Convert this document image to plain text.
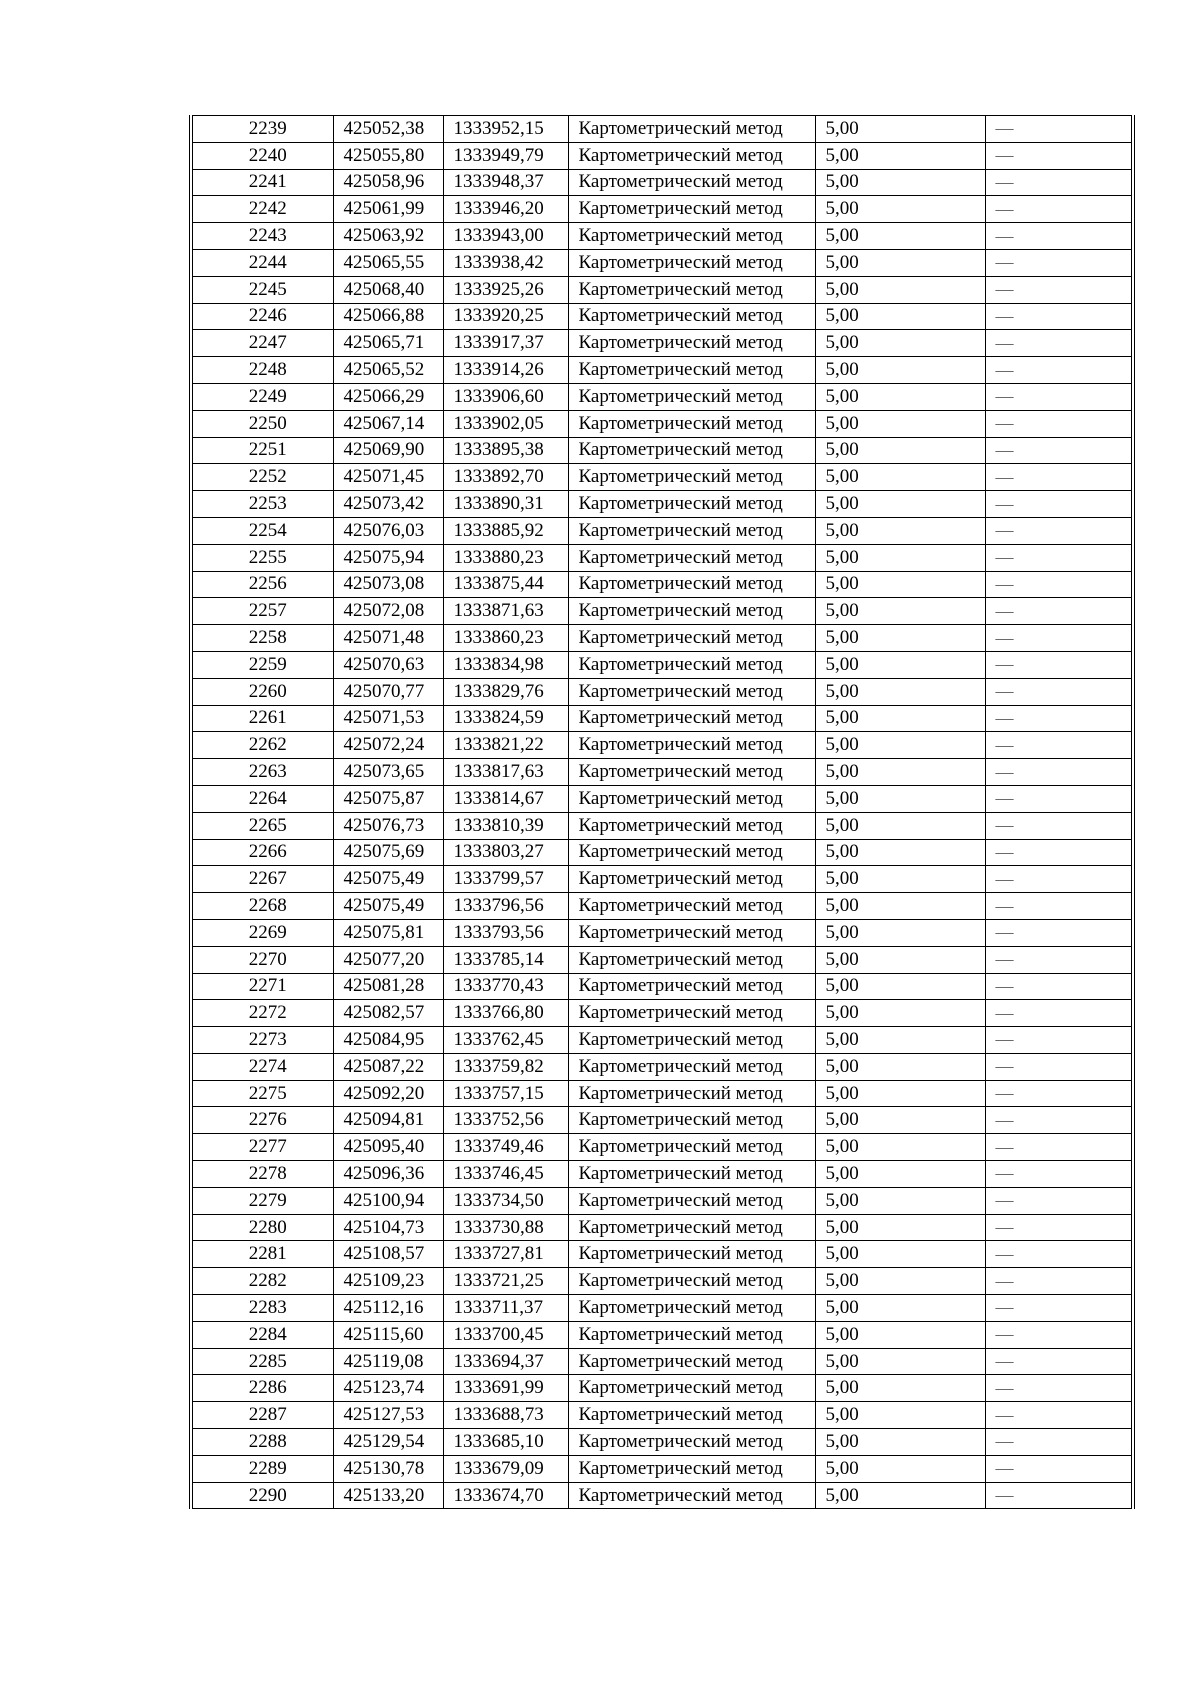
2239	425052,38	1333952,15	Картометрический метод	5,00	—
2240	425055,80	1333949,79	Картометрический метод	5,00	—
2241	425058,96	1333948,37	Картометрический метод	5,00	—
2242	425061,99	1333946,20	Картометрический метод	5,00	—
2243	425063,92	1333943,00	Картометрический метод	5,00	—
2244	425065,55	1333938,42	Картометрический метод	5,00	—
2245	425068,40	1333925,26	Картометрический метод	5,00	—
2246	425066,88	1333920,25	Картометрический метод	5,00	—
2247	425065,71	1333917,37	Картометрический метод	5,00	—
2248	425065,52	1333914,26	Картометрический метод	5,00	—
2249	425066,29	1333906,60	Картометрический метод	5,00	—
2250	425067,14	1333902,05	Картометрический метод	5,00	—
2251	425069,90	1333895,38	Картометрический метод	5,00	—
2252	425071,45	1333892,70	Картометрический метод	5,00	—
2253	425073,42	1333890,31	Картометрический метод	5,00	—
2254	425076,03	1333885,92	Картометрический метод	5,00	—
2255	425075,94	1333880,23	Картометрический метод	5,00	—
2256	425073,08	1333875,44	Картометрический метод	5,00	—
2257	425072,08	1333871,63	Картометрический метод	5,00	—
2258	425071,48	1333860,23	Картометрический метод	5,00	—
2259	425070,63	1333834,98	Картометрический метод	5,00	—
2260	425070,77	1333829,76	Картометрический метод	5,00	—
2261	425071,53	1333824,59	Картометрический метод	5,00	—
2262	425072,24	1333821,22	Картометрический метод	5,00	—
2263	425073,65	1333817,63	Картометрический метод	5,00	—
2264	425075,87	1333814,67	Картометрический метод	5,00	—
2265	425076,73	1333810,39	Картометрический метод	5,00	—
2266	425075,69	1333803,27	Картометрический метод	5,00	—
2267	425075,49	1333799,57	Картометрический метод	5,00	—
2268	425075,49	1333796,56	Картометрический метод	5,00	—
2269	425075,81	1333793,56	Картометрический метод	5,00	—
2270	425077,20	1333785,14	Картометрический метод	5,00	—
2271	425081,28	1333770,43	Картометрический метод	5,00	—
2272	425082,57	1333766,80	Картометрический метод	5,00	—
2273	425084,95	1333762,45	Картометрический метод	5,00	—
2274	425087,22	1333759,82	Картометрический метод	5,00	—
2275	425092,20	1333757,15	Картометрический метод	5,00	—
2276	425094,81	1333752,56	Картометрический метод	5,00	—
2277	425095,40	1333749,46	Картометрический метод	5,00	—
2278	425096,36	1333746,45	Картометрический метод	5,00	—
2279	425100,94	1333734,50	Картометрический метод	5,00	—
2280	425104,73	1333730,88	Картометрический метод	5,00	—
2281	425108,57	1333727,81	Картометрический метод	5,00	—
2282	425109,23	1333721,25	Картометрический метод	5,00	—
2283	425112,16	1333711,37	Картометрический метод	5,00	—
2284	425115,60	1333700,45	Картометрический метод	5,00	—
2285	425119,08	1333694,37	Картометрический метод	5,00	—
2286	425123,74	1333691,99	Картометрический метод	5,00	—
2287	425127,53	1333688,73	Картометрический метод	5,00	—
2288	425129,54	1333685,10	Картометрический метод	5,00	—
2289	425130,78	1333679,09	Картометрический метод	5,00	—
2290	425133,20	1333674,70	Картометрический метод	5,00	—
